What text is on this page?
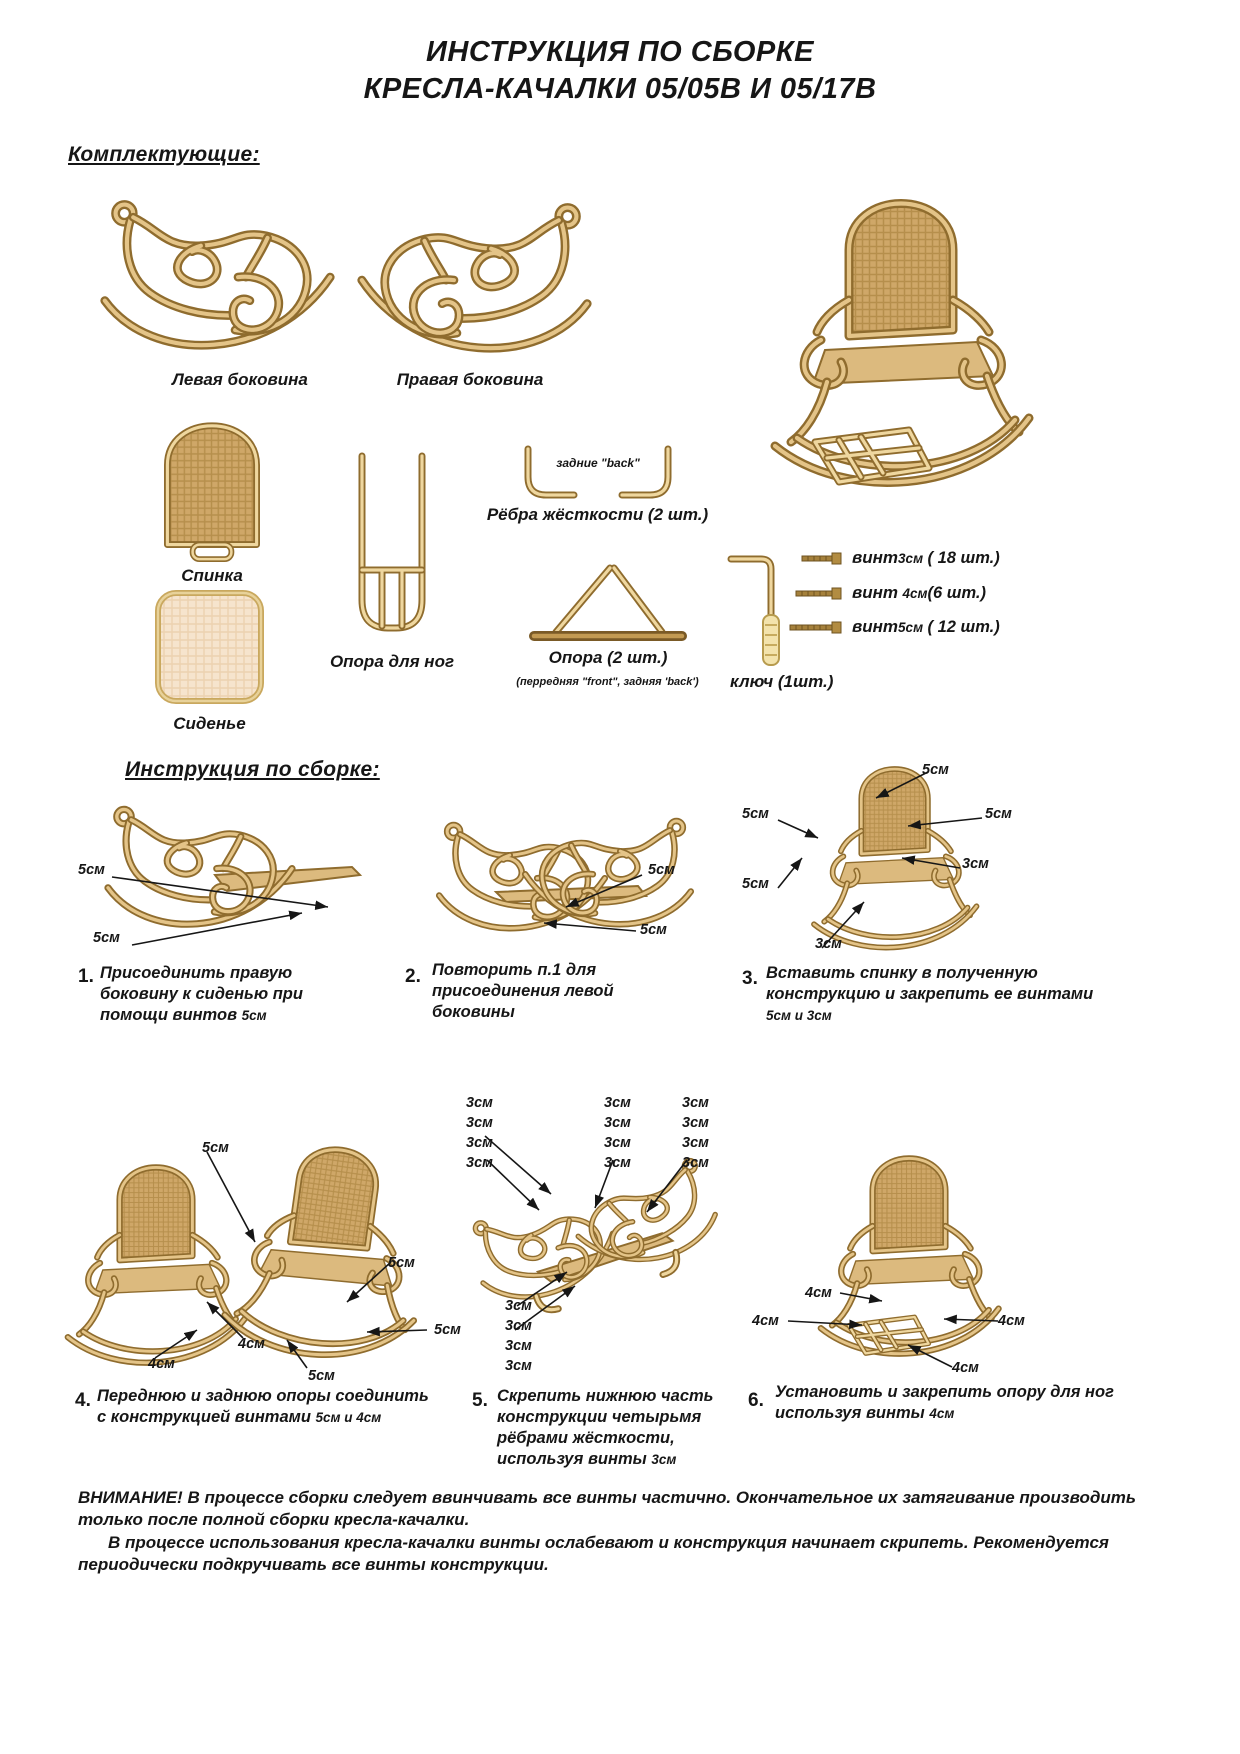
ИНСТРУКЦИЯ ПО СБОРКЕ
КРЕСЛА-КАЧАЛКИ 05/05В И 05/17В
Комплектующие:
Левая боковина	Правая боковина
Спинка
Опора для ног
задние "back"
Рёбра жёсткости (2 шт.)
Сиденье
Опора (2 шт.)
(перредняя "front", задняя 'back')	ключ (1шт.)
винт3см ( 18 шт.)
винт 4см(6 шт.)
винт5см ( 12 шт.)
Инструкция по сборке:
5см
5см
1. Присоединить правую боковину к сиденью при помощи винтов 5см
5см
5см
2. Повторить п.1 для присоединения левой боковины
5см
5см
3см
5см
5см
3см
3. Вставить спинку в полученную конструкцию и закрепить ее винтами 5см и 3см
5см
4см
4см
5см
5см
5см
4. Переднюю и заднюю опоры соединить с конструкцией винтами 5см и 4см
3см
3см
3см
3см
3см
3см
3см
3см
3см
3см
3см
3см
3см
3см
3см
3см
5. Скрепить нижнюю часть конструкции четырьмя рёбрами жёсткости, используя винты 3см
4см
4см	4см
4см
6. Установить и закрепить опору для ног используя винты 4см

ВНИМАНИЕ! В процессе сборки следует ввинчивать все винты частично. Окончательное их затягивание производить только после полной сборки кресла-качалки.

В процессе использования кресла-качалки винты ослабевают и конструкция начинает скрипеть. Рекомендуется периодически подкручивать все винты конструкции.
